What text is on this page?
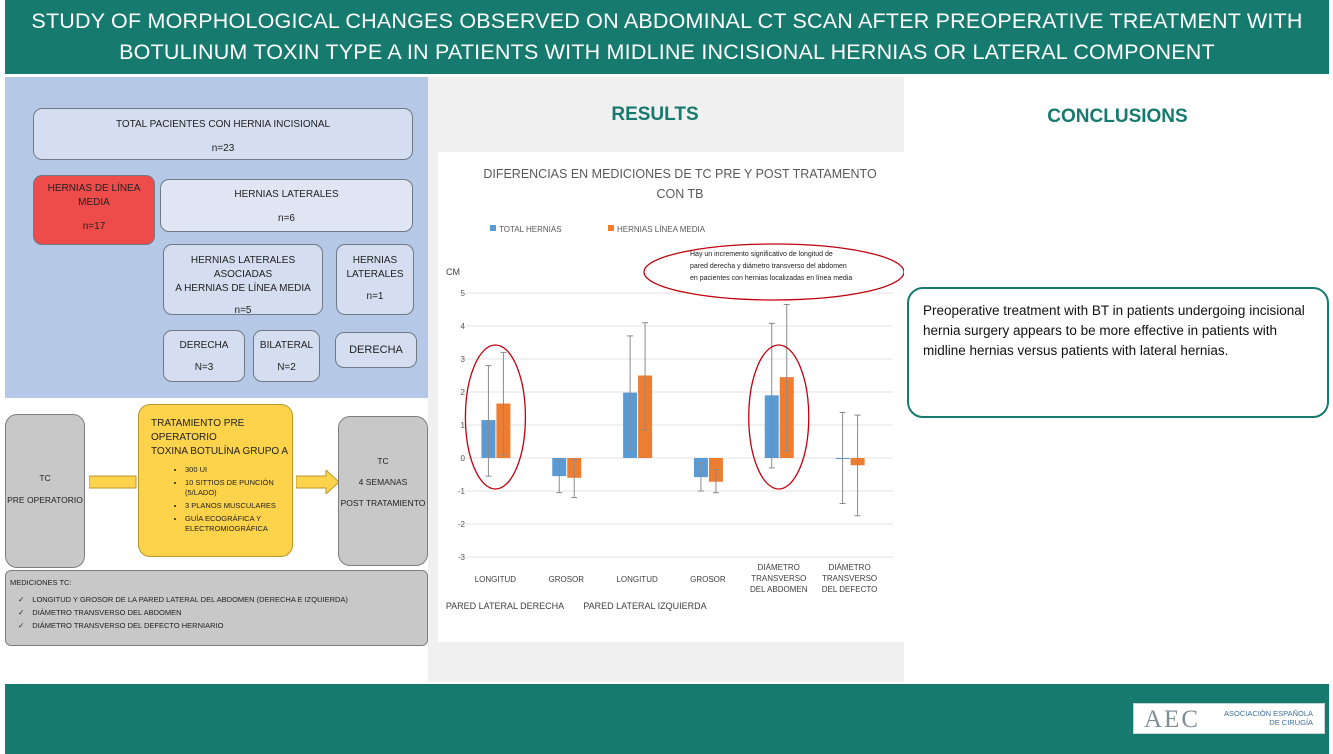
STUDY OF MORPHOLOGICAL CHANGES OBSERVED ON ABDOMINAL CT SCAN AFTER PREOPERATIVE TREATMENT WITH
BOTULINUM TOXIN TYPE A IN PATIENTS WITH MIDLINE INCISIONAL HERNIAS OR LATERAL COMPONENT
TOTAL PACIENTES CON HERNIA INCISIONAL
n=23
HERNIAS DE LÍNEA
MEDIA
n=17
HERNIAS LATERALES
n=6
HERNIAS LATERALES ASOCIADAS
A HERNIAS DE LÍNEA MEDIA
n=5
HERNIAS
LATERALES
n=1
DERECHA
N=3
BILATERAL
N=2
DERECHA
TC
PRE OPERATORIO
TRATAMIENTO PRE OPERATORIO
TOXINA BOTULÍNA GRUPO A
• 300 UI
• 10 SITTIOS DE PUNCIÓN (5/LADO)
• 3 PLANOS MUSCULARES
• GUÍA ECOGRÁFICA Y ELECTROMIOGRÁFICA
TC
4 SEMANAS
POST TRATAMIENTO
MEDICIONES TC:
✓ LONGITUD Y GROSOR DE LA PARED LATERAL DEL ABDOMEN (DERECHA E IZQUIERDA)
✓ DIÁMETRO TRANSVERSO DEL ABDOMEN
✓ DIÁMETRO TRANSVERSO DEL DEFECTO HERNIARIO
RESULTS
DIFERENCIAS EN MEDICIONES DE TC PRE Y POST TRATAMENTO
CON TB
TOTAL HERNIAS	HERNIAS LÍNEA MEDIA
CM
-3
-2
-1
0
1
2
3
4
5
LONGITUD	GROSOR	LONGITUD	GROSOR
DIÁMETRO
TRANSVERSO
DEL ABDOMEN
DIÁMETRO
TRANSVERSO
DEL DEFECTO
PARED LATERAL DERECHA PARED LATERAL IZQUIERDA
Hay un incremento significativo de longitud de
pared derecha y diámetro transverso del abdomen
en pacientes con hernias localizadas en línea media
CONCLUSIONS
Preoperative treatment with BT in patients undergoing incisional hernia surgery appears to be more effective in patients with midline hernias versus patients with lateral hernias.
AEC	ASOCIACIÓN ESPAÑOLA
DE CIRUGÍA
